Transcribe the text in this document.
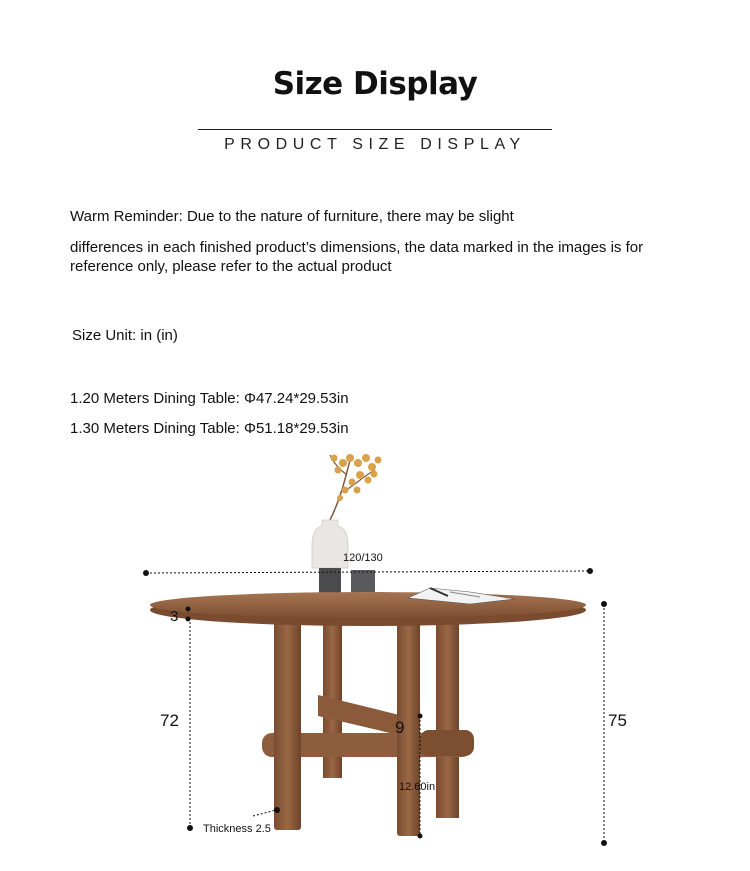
Size Display
PRODUCT SIZE DISPLAY
Warm Reminder: Due to the nature of furniture, there may be slight
differences in each finished product’s dimensions, the data marked in the images is for
reference only, please refer to the actual product
Size Unit: in (in)
1.20 Meters Dining Table: Φ47.24*29.53in
1.30 Meters Dining Table: Φ51.18*29.53in
120/130
3
72	75
9
12.60in
Thickness 2.5
